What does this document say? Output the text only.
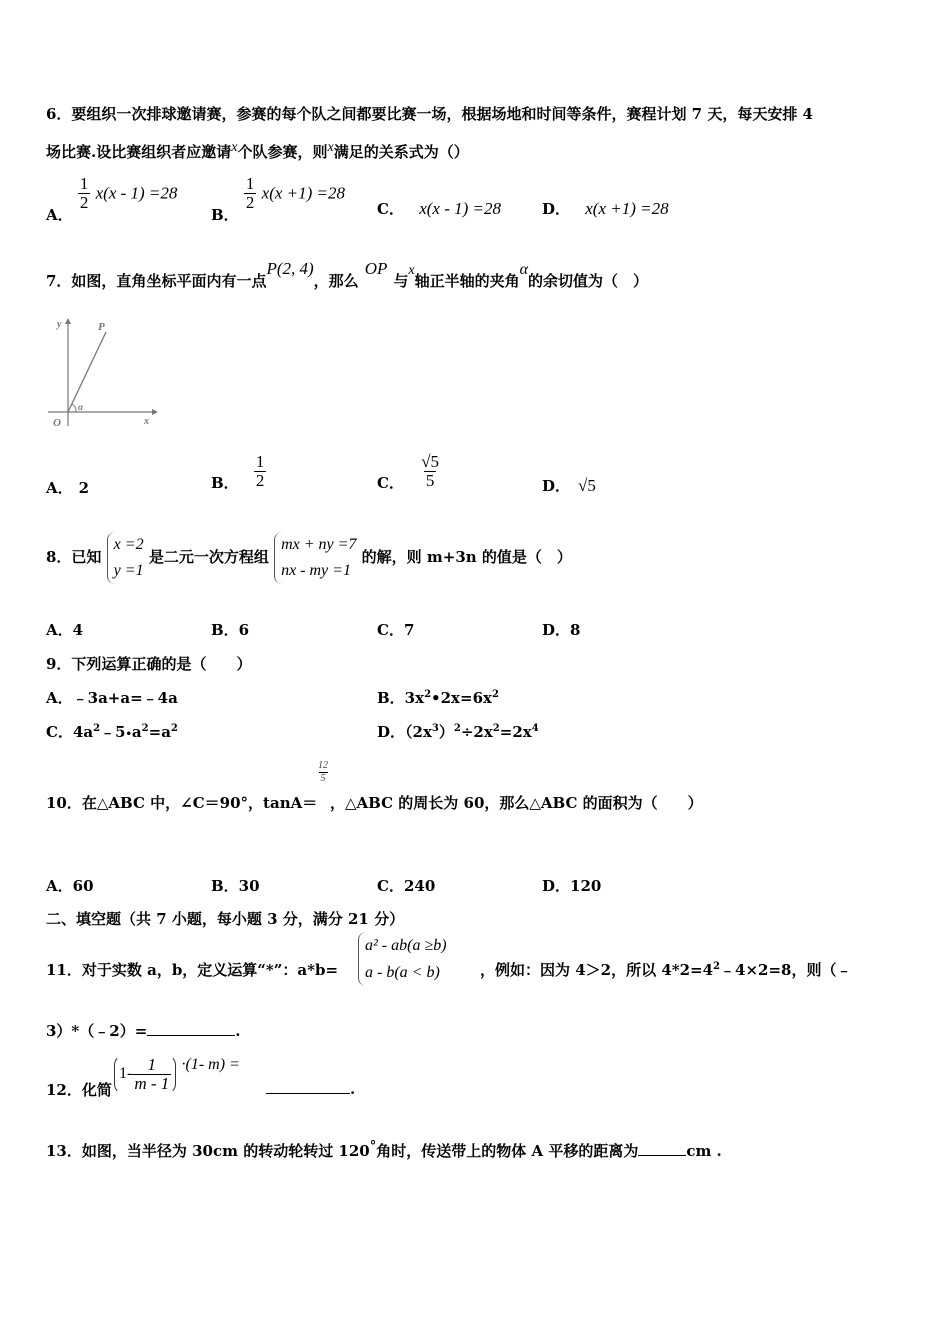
6．要组织一次排球邀请赛，参赛的每个队之间都要比赛一场，根据场地和时间等条件，赛程计划 7 天，每天安排 4
场比赛.设比赛组织者应邀请x个队参赛，则x满足的关系式为（）
A．
$\frac{1}{2} x(x - 1) =28$
B．
$\frac{1}{2} x(x +1) =28$
C． x(x - 1) =28	D． x(x +1) =28
7．如图，直角坐标平面内有一点P(2, 4)，那么OP与x轴正半轴的夹角α的余切值为（　）
y	P
O
α
x
A． 2	B． $\frac{1}{2}$	C． $\frac{√5}{5}$	D． √5
8．已知
x =2
y =1
是二元一次方程组
mx + ny =7
nx - my =1
的解，则 m+3n 的值是（　）
A．4	B．6	C．7	D．8
9．下列运算正确的是（　　）
A．﹣3a+a=﹣4a	B．$3x^2•2x=6x^2$
C．$4a^2﹣5•a^2=a^2$	D．$(2x^3)^2\div 2x^2=2x^4$
10．在△ABC 中，∠C＝90°，tanA＝
$\frac{12}{5}$
，△ABC 的周长为 60，那么△ABC 的面积为（　　）
A．60	B．30	C．240	D．120
二、填空题（共 7 小题，每小题 3 分，满分 21 分）
11．对于实数 a，b，定义运算“*”：a*b=
a² - ab(a ≥b)
a - b(a < b)	，例如：因为 4＞2，所以 $4*2=4^2﹣4\times 2=8$，则（﹣
3）*（﹣2）=	.
12．化简
$1- \frac{1}{m - 1} \cdot(1-$ m) =
.
13．如图，当半径为 30cm 的转动轮转过 120°角时，传送带上的物体 A 平移的距离为	cm .
